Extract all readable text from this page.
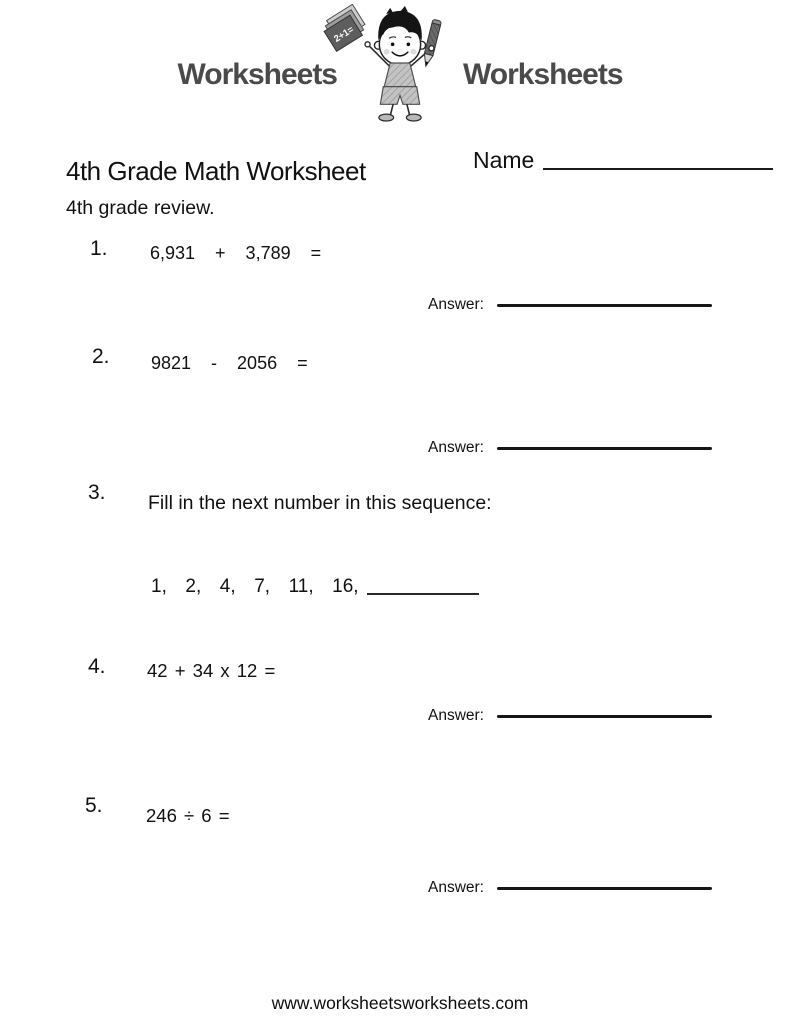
Worksheets
2+1=
Worksheets
4th Grade Math Worksheet	Name

4th grade review.

1. 6,931  +  3,789  =
Answer:
2. 9821  -  2056  =
Answer:
3. Fill in the next number in this sequence:
1,  2,  4,  7,  11,  16,
4. 42 + 34 x 12 =
Answer:
5. 246 ÷ 6 =
Answer:
www.worksheetsworksheets.com
